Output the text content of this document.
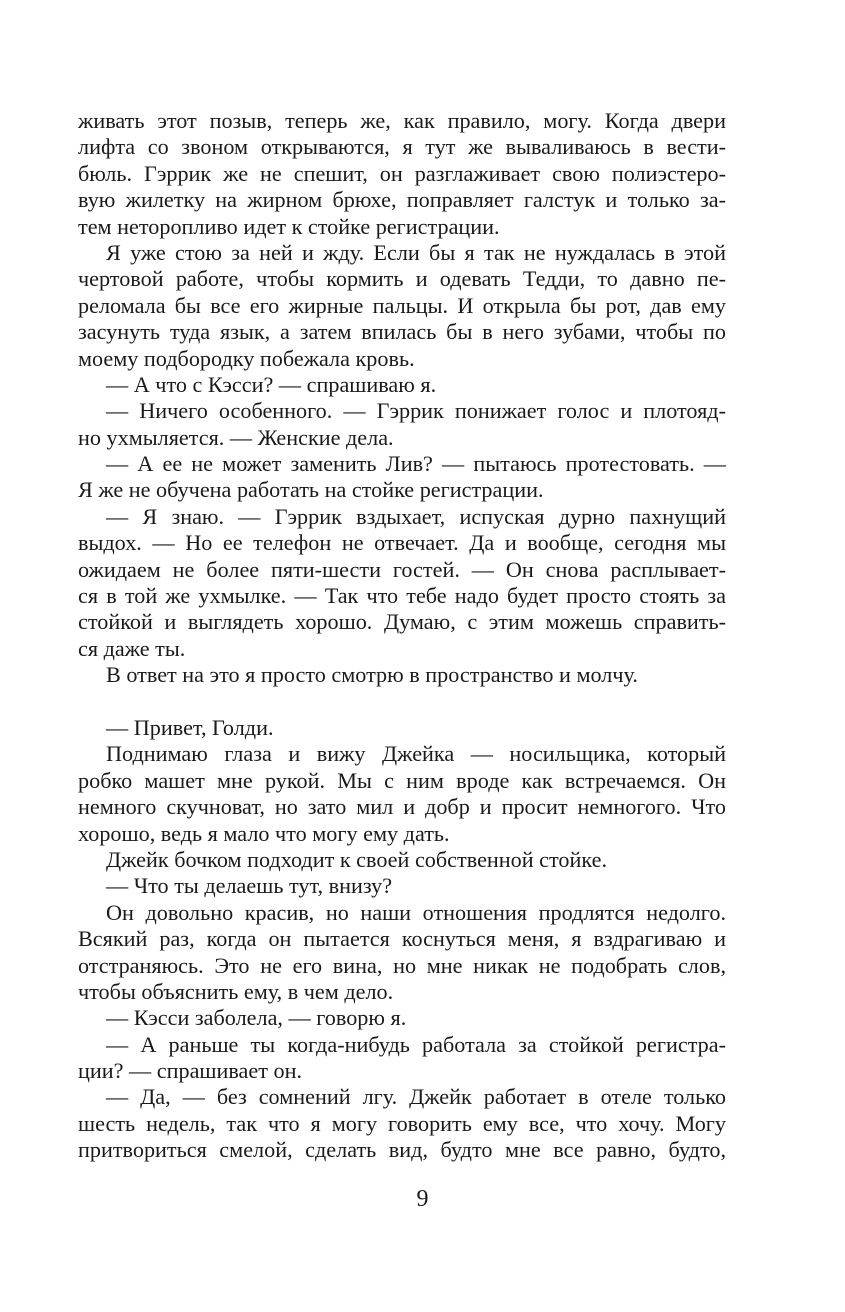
живать этот позыв, теперь же, как правило, могу. Когда двери
лифта со звоном открываются, я тут же вываливаюсь в вести-
бюль. Гэррик же не спешит, он разглаживает свою полиэстеро-
вую жилетку на жирном брюхе, поправляет галстук и только за-
тем неторопливо идет к стойке регистрации.
Я уже стою за ней и жду. Если бы я так не нуждалась в этой
чертовой работе, чтобы кормить и одевать Тедди, то давно пе-
реломала бы все его жирные пальцы. И открыла бы рот, дав ему
засунуть туда язык, а затем впилась бы в него зубами, чтобы по
моему подбородку побежала кровь.
— А что с Кэсси? — спрашиваю я.
— Ничего особенного. — Гэррик понижает голос и плотояд-
но ухмыляется. — Женские дела.
— А ее не может заменить Лив? — пытаюсь протестовать. —
Я же не обучена работать на стойке регистрации.
— Я знаю. — Гэррик вздыхает, испуская дурно пахнущий
выдох. — Но ее телефон не отвечает. Да и вообще, сегодня мы
ожидаем не более пяти-шести гостей. — Он снова расплывает-
ся в той же ухмылке. — Так что тебе надо будет просто стоять за
стойкой и выглядеть хорошо. Думаю, с этим можешь справить-
ся даже ты.
В ответ на это я просто смотрю в пространство и молчу.
— Привет, Голди.
Поднимаю глаза и вижу Джейка — носильщика, который
робко машет мне рукой. Мы с ним вроде как встречаемся. Он
немного скучноват, но зато мил и добр и просит немногого. Что
хорошо, ведь я мало что могу ему дать.
Джейк бочком подходит к своей собственной стойке.
— Что ты делаешь тут, внизу?
Он довольно красив, но наши отношения продлятся недолго.
Всякий раз, когда он пытается коснуться меня, я вздрагиваю и
отстраняюсь. Это не его вина, но мне никак не подобрать слов,
чтобы объяснить ему, в чем дело.
— Кэсси заболела, — говорю я.
— А раньше ты когда-нибудь работала за стойкой регистра-
ции? — спрашивает он.
— Да, — без сомнений лгу. Джейк работает в отеле только
шесть недель, так что я могу говорить ему все, что хочу. Могу
притвориться смелой, сделать вид, будто мне все равно, будто,
9
